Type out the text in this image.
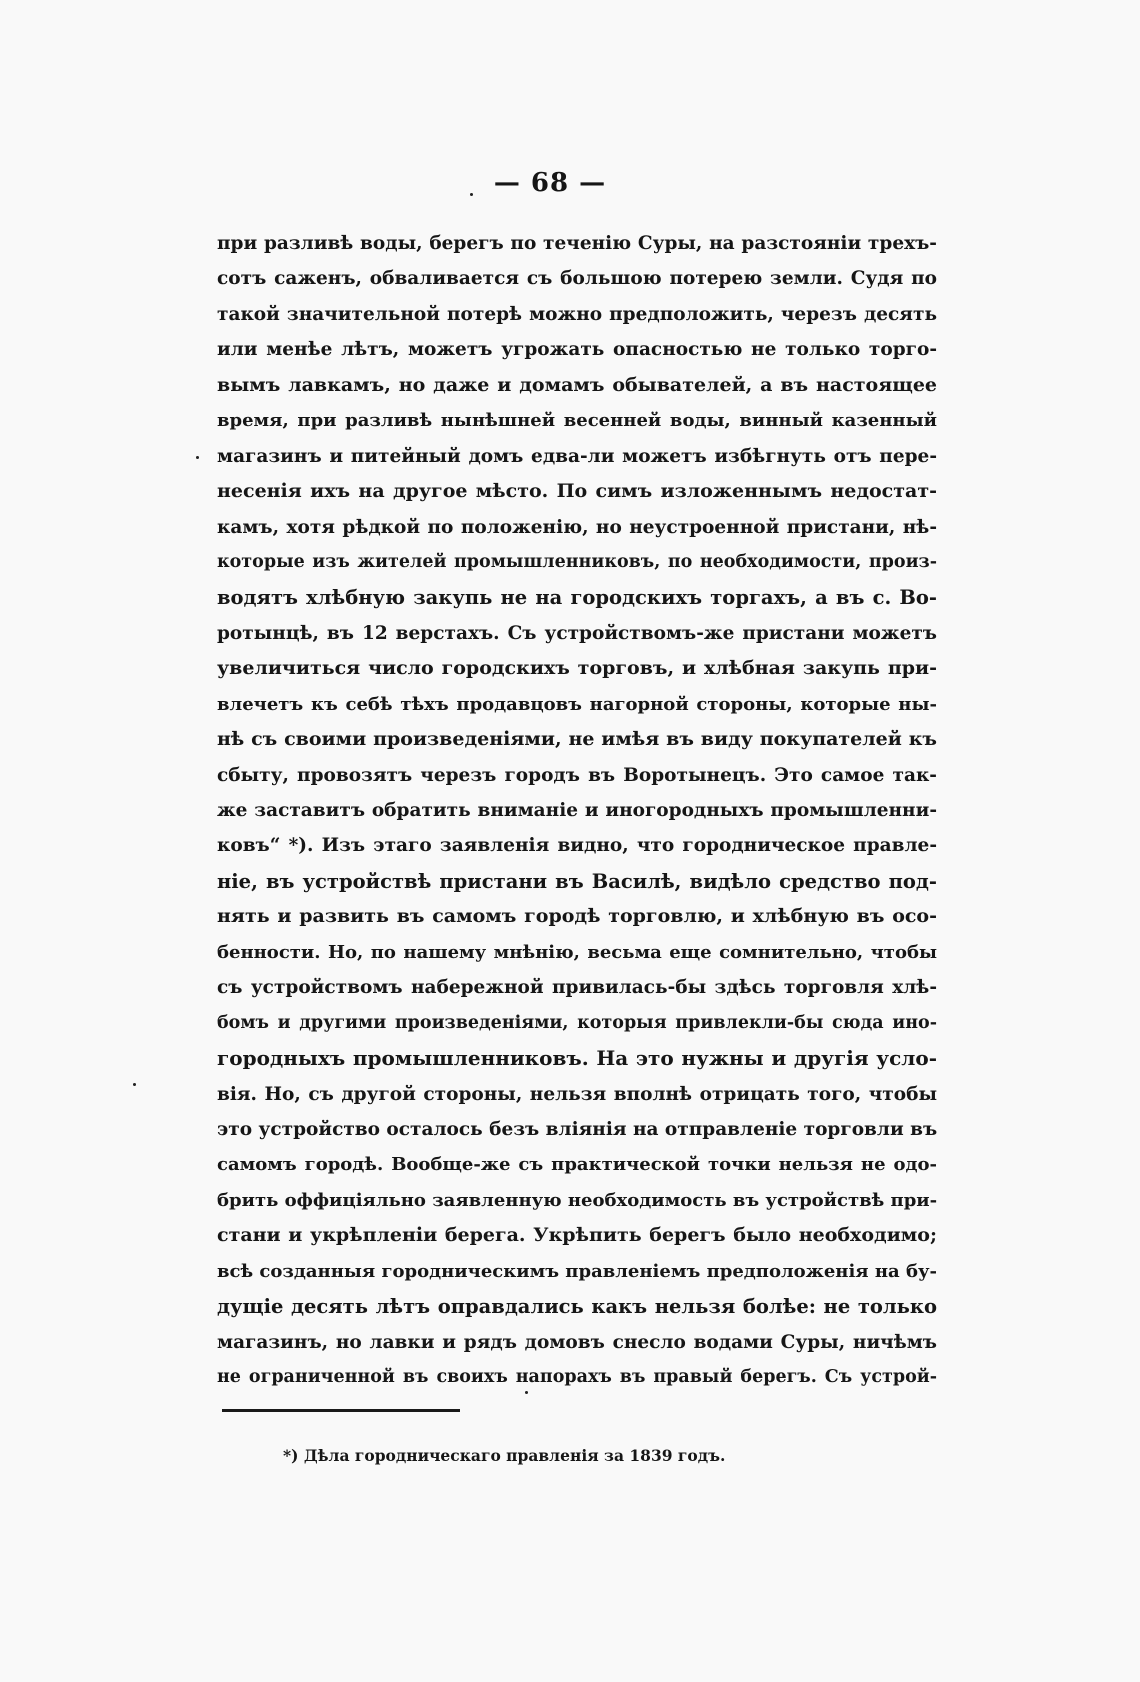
— 68 —
при разливѣ воды, берегъ по теченію Суры, на разстояніи трехъ-
сотъ саженъ, обваливается съ большою потерею земли. Судя по
такой значительной потерѣ можно предположить, черезъ десять
или менѣе лѣтъ, можетъ угрожать опасностью не только торго-
вымъ лавкамъ, но даже и домамъ обывателей, а въ настоящее
время, при разливѣ нынѣшней весенней воды, винный казенный
магазинъ и питейный домъ едва-ли можетъ избѣгнуть отъ пере-
несенія ихъ на другое мѣсто. По симъ изложеннымъ недостат-
камъ, хотя рѣдкой по положенію, но неустроенной пристани, нѣ-
которые изъ жителей промышленниковъ, по необходимости, произ-
водятъ хлѣбную закупь не на городскихъ торгахъ, а въ с. Во-
ротынцѣ, въ 12 верстахъ. Съ устройствомъ-же пристани можетъ
увеличиться число городскихъ торговъ, и хлѣбная закупь при-
влечетъ къ себѣ тѣхъ продавцовъ нагорной стороны, которые ны-
нѣ съ своими произведеніями, не имѣя въ виду покупателей къ
сбыту, провозятъ черезъ городъ въ Воротынецъ. Это самое так-
же заставитъ обратить вниманіе и иногородныхъ промышленни-
ковъ“ *). Изъ этаго заявленія видно, что городническое правле-
ніе, въ устройствѣ пристани въ Василѣ, видѣло средство под-
нять и развить въ самомъ городѣ торговлю, и хлѣбную въ осо-
бенности. Но, по нашему мнѣнію, весьма еще сомнительно, чтобы
съ устройствомъ набережной привилась-бы здѣсь торговля хлѣ-
бомъ и другими произведеніями, которыя привлекли-бы сюда ино-
городныхъ промышленниковъ. На это нужны и другія усло-
вія. Но, съ другой стороны, нельзя вполнѣ отрицать того, чтобы
это устройство осталось безъ вліянія на отправленіе торговли въ
самомъ городѣ. Вообще-же съ практической точки нельзя не одо-
брить оффиціяльно заявленную необходимость въ устройствѣ при-
стани и укрѣпленіи берега. Укрѣпить берегъ было необходимо;
всѣ созданныя городническимъ правленіемъ предположенія на бу-
дущіе десять лѣтъ оправдались какъ нельзя болѣе: не только
магазинъ, но лавки и рядъ домовъ снесло водами Суры, ничѣмъ
не ограниченной въ своихъ напорахъ въ правый берегъ. Съ устрой-
*) Дѣла городническаго правленія за 1839 годъ.
